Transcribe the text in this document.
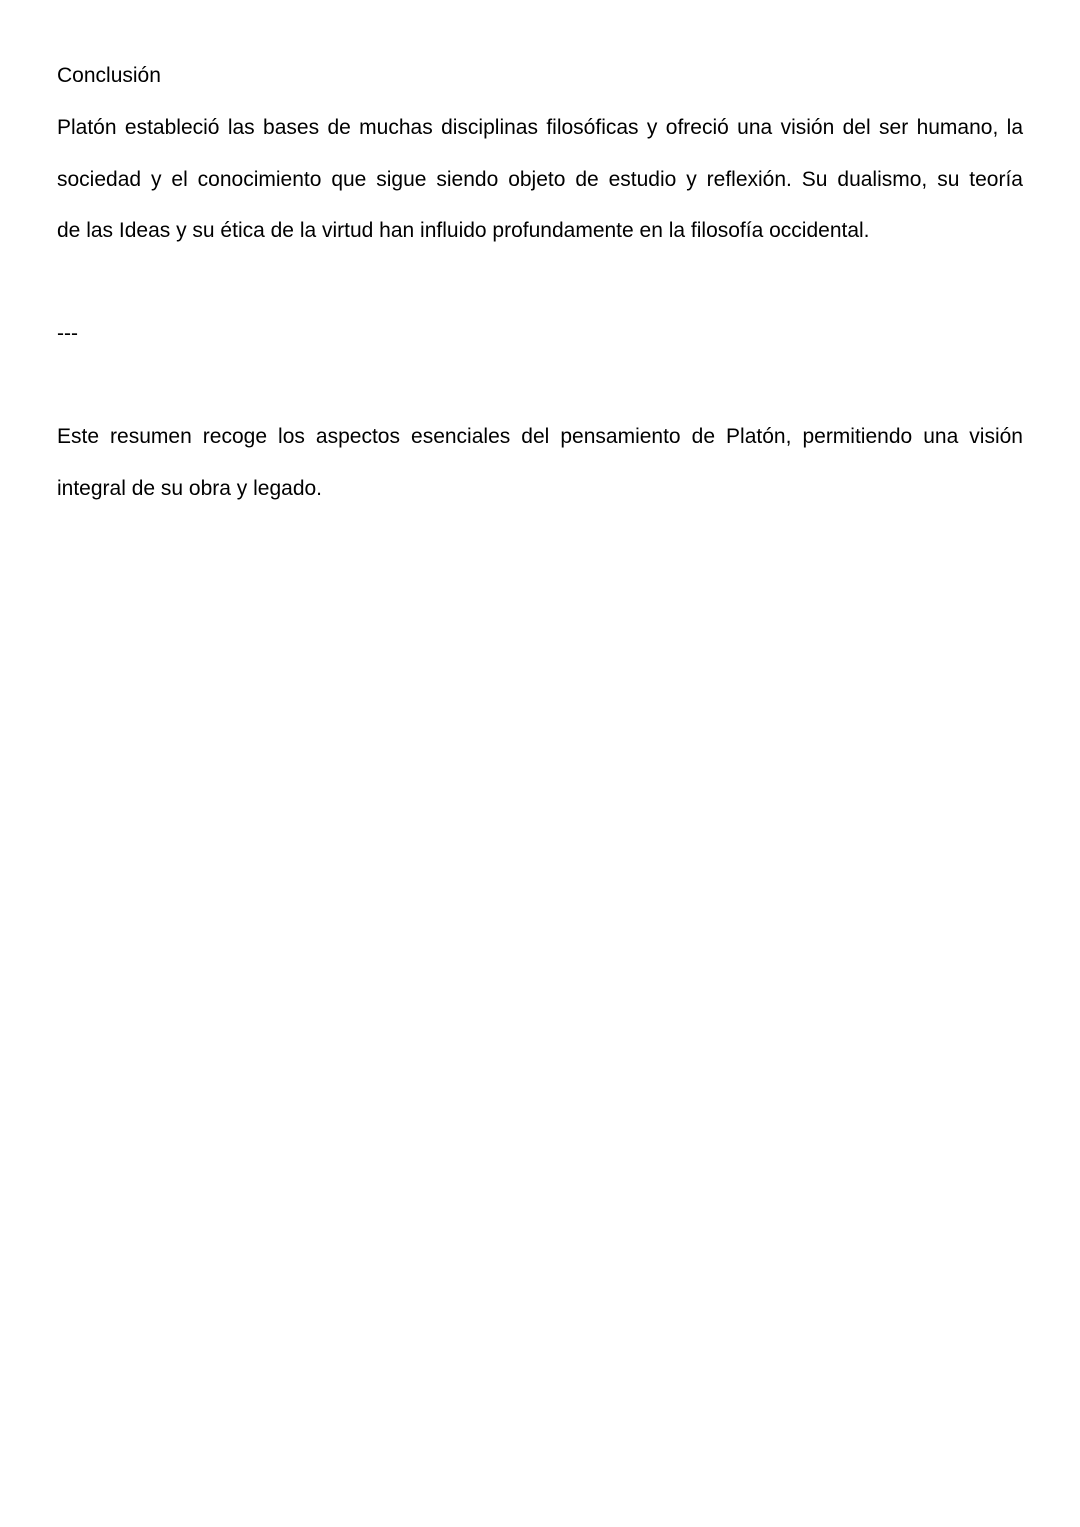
Conclusión
Platón estableció las bases de muchas disciplinas filosóficas y ofreció una visión del ser humano, la
sociedad y el conocimiento que sigue siendo objeto de estudio y reflexión. Su dualismo, su teoría
de las Ideas y su ética de la virtud han influido profundamente en la filosofía occidental.
---
Este resumen recoge los aspectos esenciales del pensamiento de Platón, permitiendo una visión
integral de su obra y legado.
